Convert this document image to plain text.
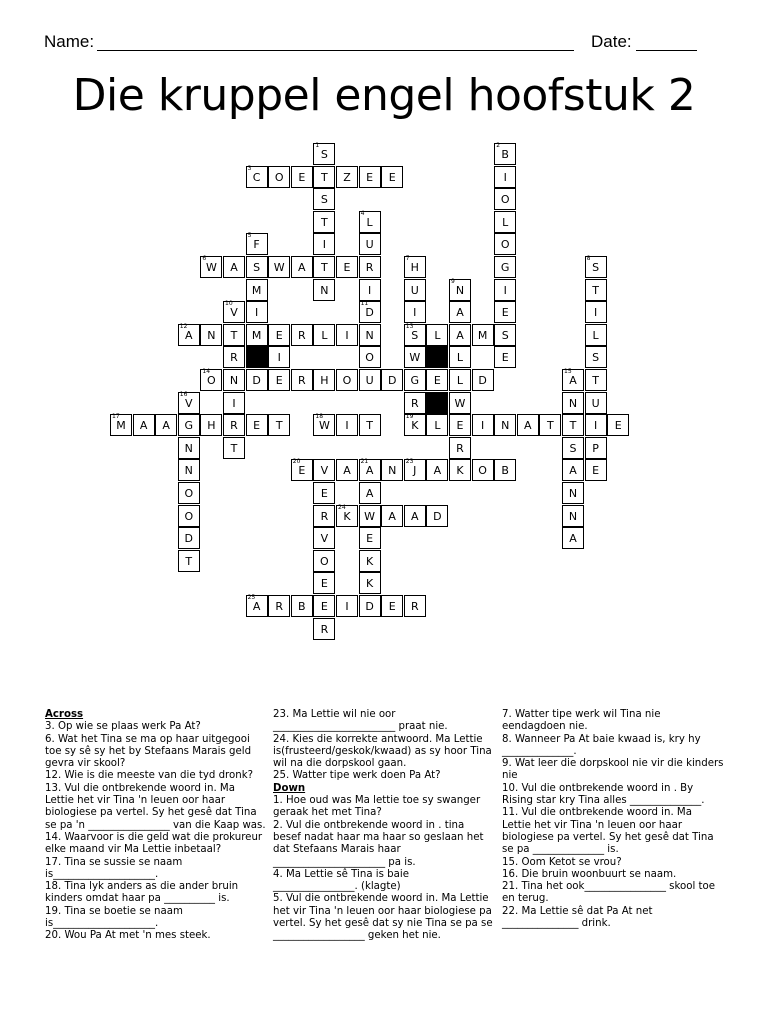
Name:	Date:
Die kruppel engel hoofstuk 2
1
S
2
B
3
C	O	E	T	Z	E	E	I
S	O
T
4
L	L
5
F	I	U	O
6
W	A	S	W	A	T	E	R
7
H	G
8
S
M	N	I	U
9
N	I	T
10
V	I
11
D	I	A	E	I
12
A	N	T	M	E	R	L	I	N
13
S	L	A	M	S	L
R	I	O	W	L	E	S
14
O	N	D	E	R	H	O	U	D	G	E	L	D
15
A	T
16
V	I	R	W	N	U
17
M	A	A	G	H	R	E	T
18
W	I	T
19
K	L	E	I	N	A	T	T	I	E
N	T	R	S	P
N
20
E	V	A
21
A	N
23
J	A	K	O	B	A	E
O	E	A	N
O	R
24
K	W	A	A	D	N
D	V	E	A
T	O	K
E	K
25
A	R	B	E	I	D	E	R
R

Across

3. Op wie se plaas werk Pa At?

6. Wat het Tina se ma op haar uitgegooi toe sy sê sy het by Stefaans Marais geld gevra vir skool?

12. Wie is die meeste van die tyd dronk?

13. Vul die ontbrekende woord in. Ma Lettie het vir Tina 'n leuen oor haar biologiese pa vertel. Sy het gesê dat Tina se pa 'n ________________ van die Kaap was.

14. Waarvoor is die geld wat die prokureur elke maand vir Ma Lettie inbetaal?

17. Tina se sussie se naam is____________________.

18. Tina lyk anders as die ander bruin kinders omdat haar pa __________ is.

19. Tina se boetie se naam is____________________.

20. Wou Pa At met 'n mes steek.

23. Ma Lettie wil nie oor ________________________ praat nie.

24. Kies die korrekte antwoord. Ma Lettie is(frusteerd/geskok/kwaad) as sy hoor Tina wil na die dorpskool gaan.

25. Watter tipe werk doen Pa At?

Down

1. Hoe oud was Ma lettie toe sy swanger geraak het met Tina?

2. Vul die ontbrekende woord in . tina besef nadat haar ma haar so geslaan het dat Stefaans Marais haar ______________________ pa is.

4. Ma Lettie sê Tina is baie ________________. (klagte)

5. Vul die ontbrekende woord in. Ma Lettie het vir Tina 'n leuen oor haar biologiese pa vertel. Sy het gesê dat sy nie Tina se pa se __________________ geken het nie.

7. Watter tipe werk wil Tina nie eendagdoen nie.

8. Wanneer Pa At baie kwaad is, kry hy ______________.

9. Wat leer die dorpskool nie vir die kinders nie

10. Vul die ontbrekende woord in . By Rising star kry Tina alles ______________.

11. Vul die ontbrekende woord in. Ma Lettie het vir Tina 'n leuen oor haar biologiese pa vertel. Sy het gesê dat Tina se pa ______________ is.

15. Oom Ketot se vrou?

16. Die bruin woonbuurt se naam.

21. Tina het ook________________ skool toe en terug.

22. Ma Lettie sê dat Pa At net _______________ drink.
